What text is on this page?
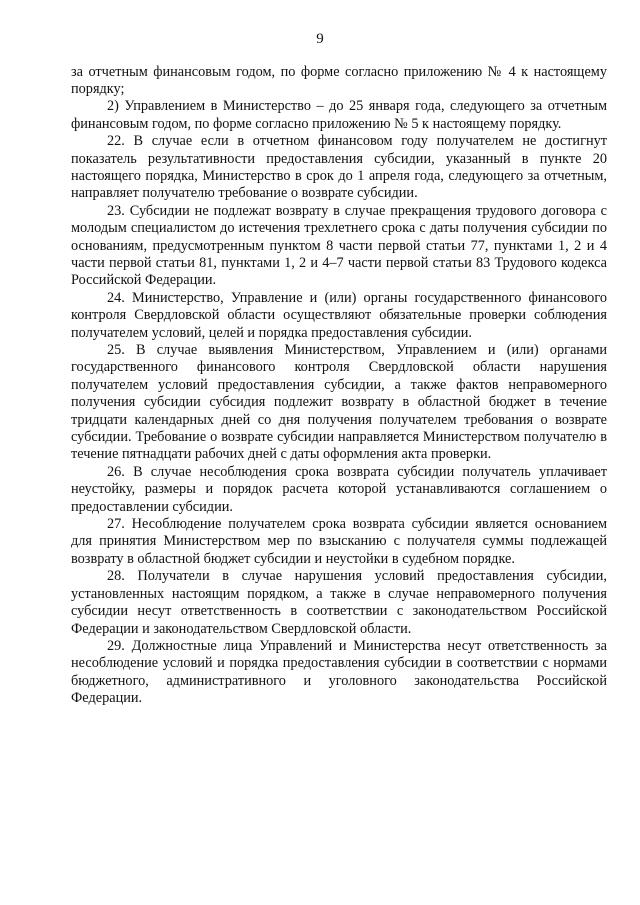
9

за отчетным финансовым годом, по форме согласно приложению № 4 к настоящему порядку;

2) Управлением в Министерство – до 25 января года, следующего за отчетным финансовым годом, по форме согласно приложению № 5 к настоящему порядку.

22. В случае если в отчетном финансовом году получателем не достигнут показатель результативности предоставления субсидии, указанный в пункте 20 настоящего порядка, Министерство в срок до 1 апреля года, следующего за отчетным, направляет получателю требование о возврате субсидии.

23. Субсидии не подлежат возврату в случае прекращения трудового договора с молодым специалистом до истечения трехлетнего срока с даты получения субсидии по основаниям, предусмотренным пунктом 8 части первой статьи 77, пунктами 1, 2 и 4 части первой статьи 81, пунктами 1, 2 и 4–7 части первой статьи 83 Трудового кодекса Российской Федерации.

24. Министерство, Управление и (или) органы государственного финансового контроля Свердловской области осуществляют обязательные проверки соблюдения получателем условий, целей и порядка предоставления субсидии.

25. В случае выявления Министерством, Управлением и (или) органами государственного финансового контроля Свердловской области нарушения получателем условий предоставления субсидии, а также фактов неправомерного получения субсидии субсидия подлежит возврату в областной бюджет в течение тридцати календарных дней со дня получения получателем требования о возврате субсидии. Требование о возврате субсидии направляется Министерством получателю в течение пятнадцати рабочих дней с даты оформления акта проверки.

26. В случае несоблюдения срока возврата субсидии получатель уплачивает неустойку, размеры и порядок расчета которой устанавливаются соглашением о предоставлении субсидии.

27. Несоблюдение получателем срока возврата субсидии является основанием для принятия Министерством мер по взысканию с получателя суммы подлежащей возврату в областной бюджет субсидии и неустойки в судебном порядке.

28. Получатели в случае нарушения условий предоставления субсидии, установленных настоящим порядком, а также в случае неправомерного получения субсидии несут ответственность в соответствии с законодательством Российской Федерации и законодательством Свердловской области.

29. Должностные лица Управлений и Министерства несут ответственность за несоблюдение условий и порядка предоставления субсидии в соответствии с нормами бюджетного, административного и уголовного законодательства Российской Федерации.
